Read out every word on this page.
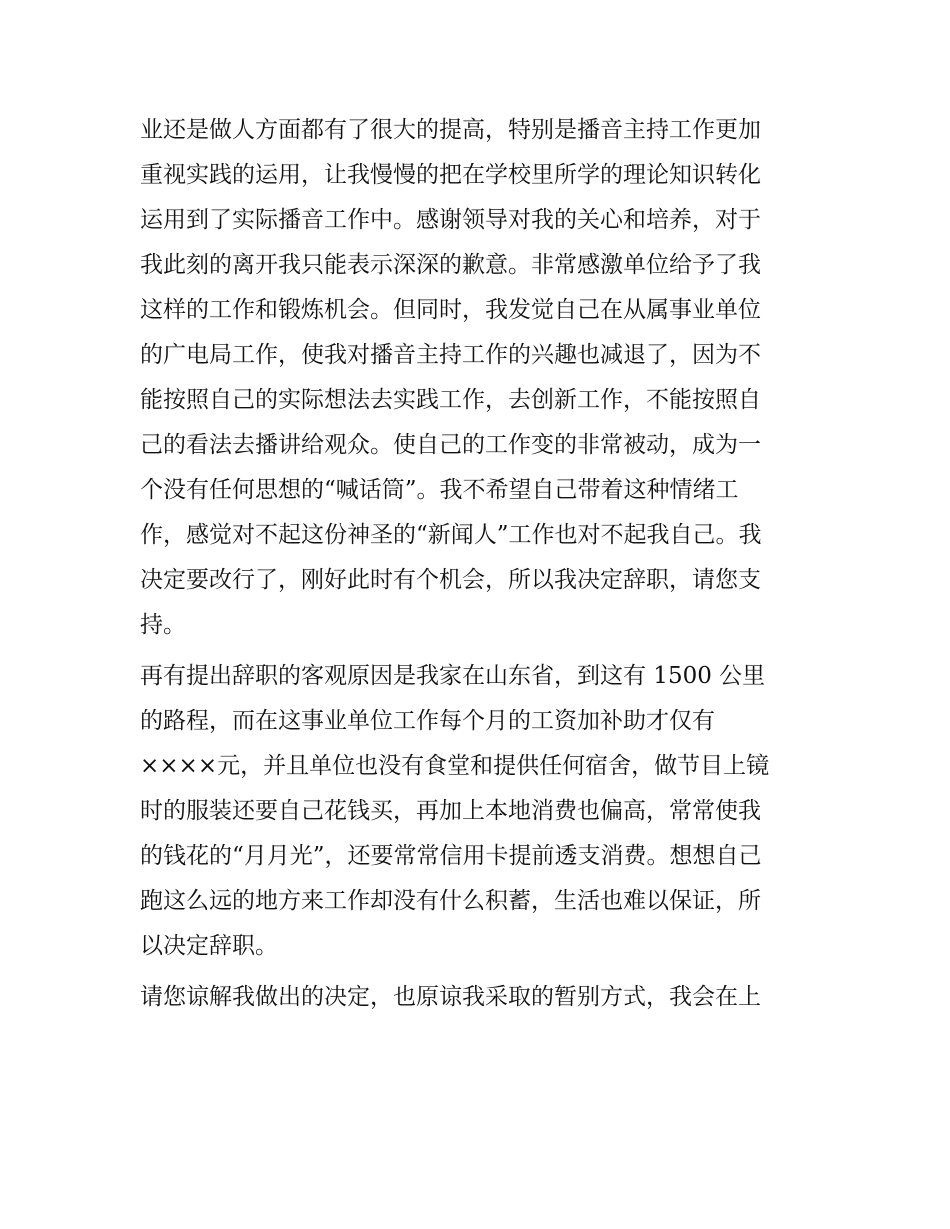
业还是做人方面都有了很大的提高，特别是播音主持工作更加
重视实践的运用，让我慢慢的把在学校里所学的理论知识转化
运用到了实际播音工作中。感谢领导对我的关心和培养，对于
我此刻的离开我只能表示深深的歉意。非常感激单位给予了我
这样的工作和锻炼机会。但同时，我发觉自己在从属事业单位
的广电局工作，使我对播音主持工作的兴趣也减退了，因为不
能按照自己的实际想法去实践工作，去创新工作，不能按照自
己的看法去播讲给观众。使自己的工作变的非常被动，成为一
个没有任何思想的“喊话筒”。我不希望自己带着这种情绪工
作，感觉对不起这份神圣的“新闻人”工作也对不起我自己。我
决定要改行了，刚好此时有个机会，所以我决定辞职，请您支
持。
再有提出辞职的客观原因是我家在山东省，到这有 1500 公里
的路程，而在这事业单位工作每个月的工资加补助才仅有
××××元，并且单位也没有食堂和提供任何宿舍，做节目上镜
时的服装还要自己花钱买，再加上本地消费也偏高，常常使我
的钱花的“月月光”，还要常常信用卡提前透支消费。想想自己
跑这么远的地方来工作却没有什么积蓄，生活也难以保证，所
以决定辞职。
请您谅解我做出的决定，也原谅我采取的暂别方式，我会在上
